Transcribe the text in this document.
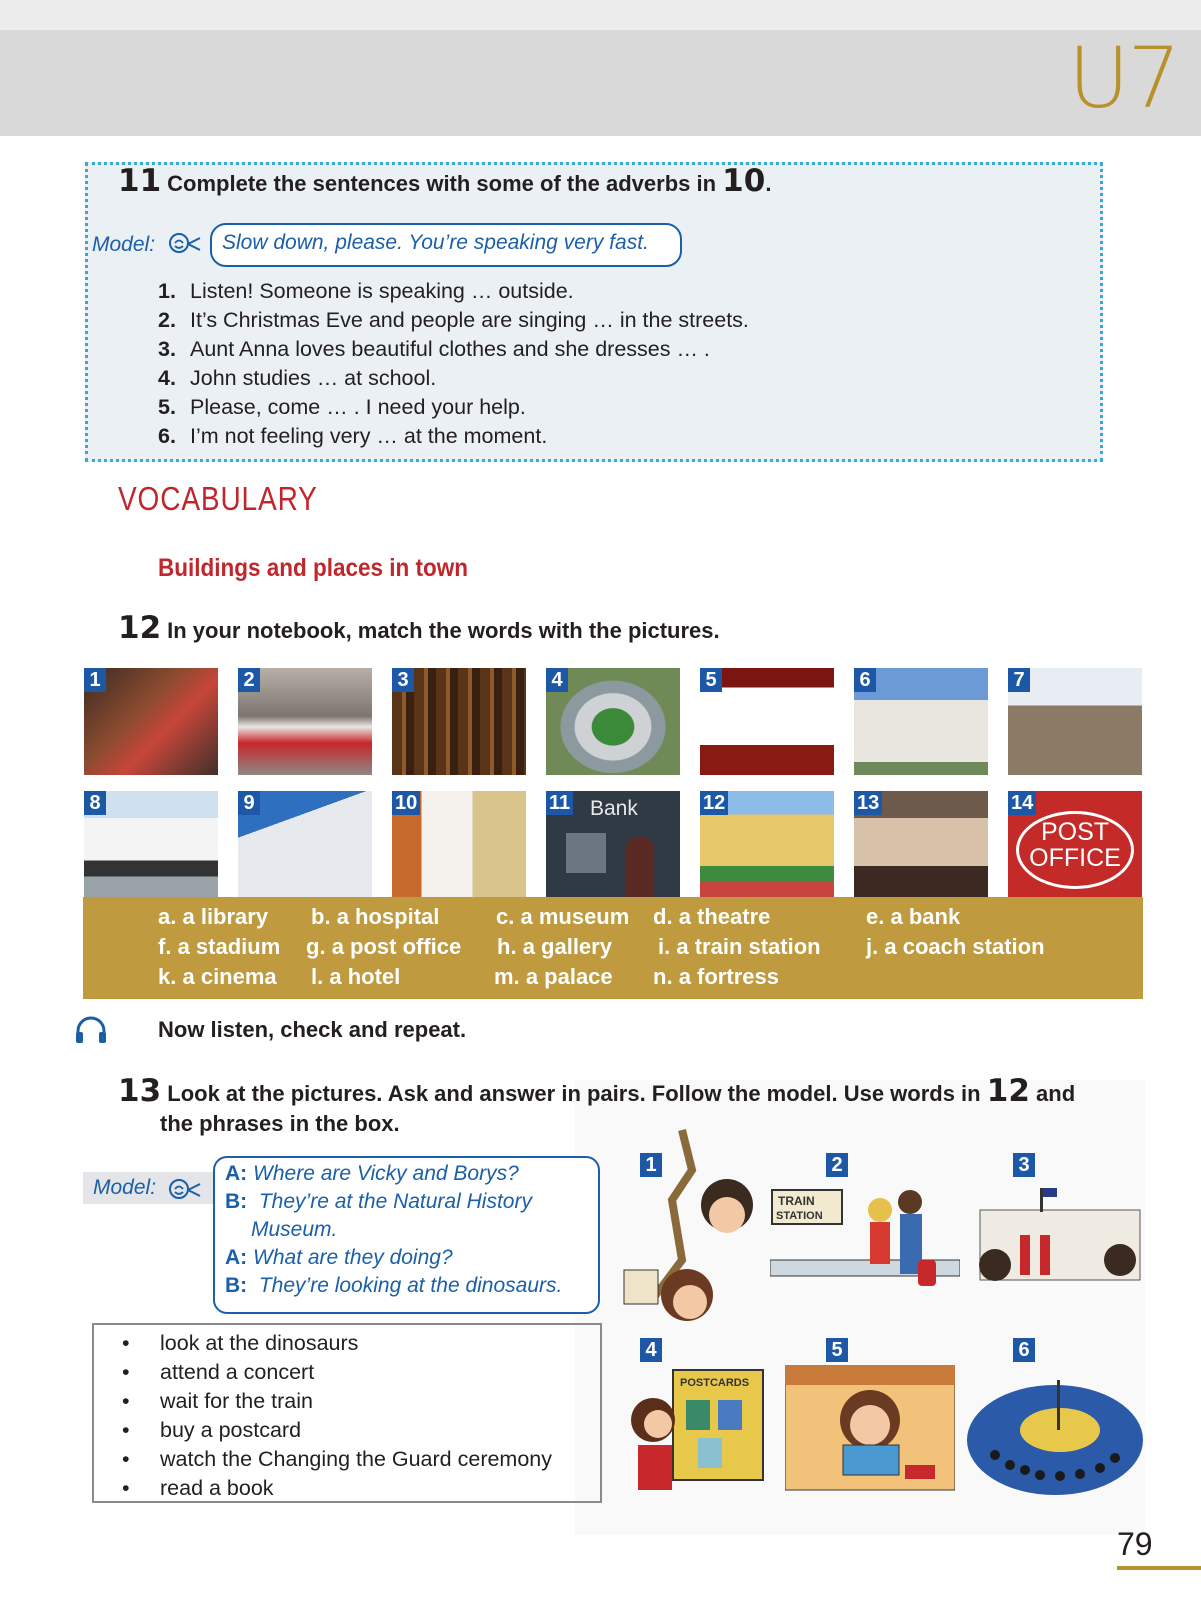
U7
11 Complete the sentences with some of the adverbs in 10.
Model:	Slow down, please. You’re speaking very fast.
1. Listen! Someone is speaking … outside.
2. It’s Christmas Eve and people are singing … in the streets.
3. Aunt Anna loves beautiful clothes and she dresses … .
4. John studies … at school.
5. Please, come … . I need your help.
6. I’m not feeling very … at the moment.
VOCABULARY
Buildings and places in town
12 In your notebook, match the words with the pictures.
1	2	3	4	5	6	7
8	9	10	11 Bank	12	13	14
POST
OFFICE
a. a library b. a hospital	c. a museum d. a theatre	e. a bank
f. a stadium g. a post office h. a gallery i. a train station j. a coach station
k. a cinema l. a hotel	m. a palace n. a fortress
Now listen, check and repeat.
13 Look at the pictures. Ask and answer in pairs. Follow the model. Use words in 12 and
the phrases in the box.
Model:
A: Where are Vicky and Borys?
B: They’re at the Natural History
Museum.
A: What are they doing?
B: They’re looking at the dinosaurs.
• look at the dinosaurs
• attend a concert
• wait for the train
• buy a postcard
• watch the Changing the Guard ceremony
• read a book
1	2
TRAIN
STATION
3
4
POSTCARDS
5	6
79
